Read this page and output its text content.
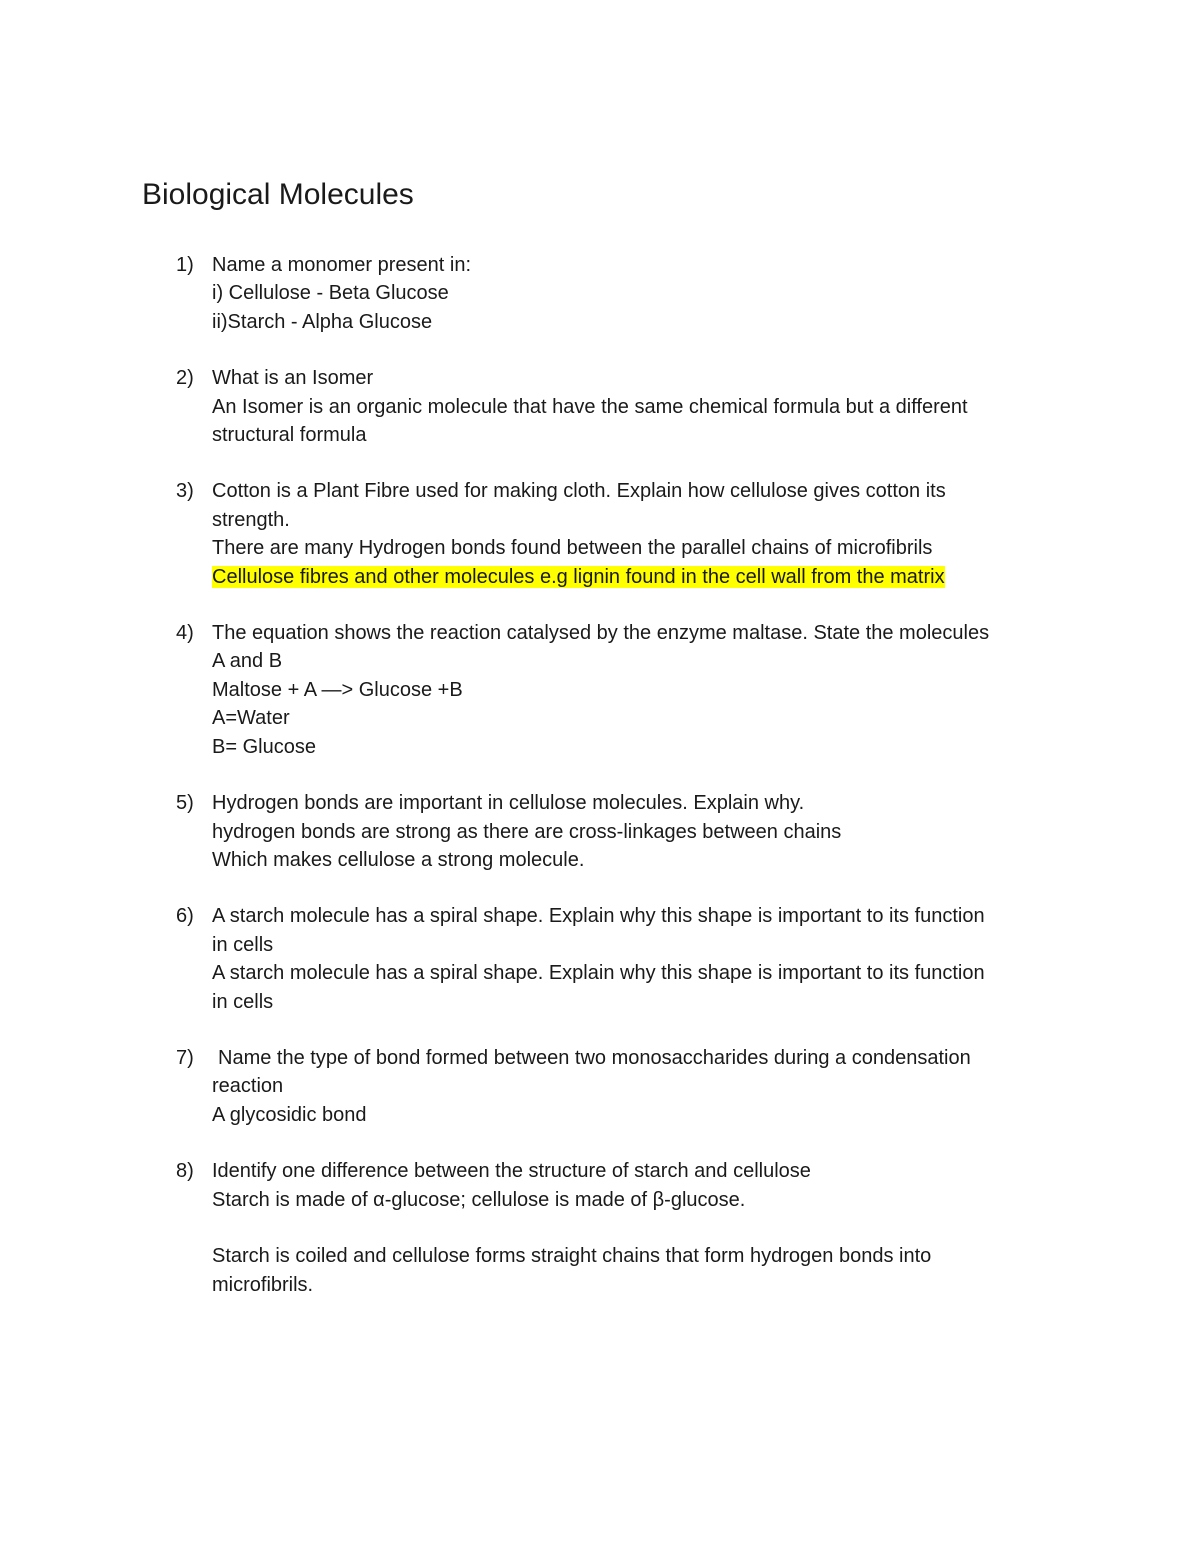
Biological Molecules
1) Name a monomer present in:
i) Cellulose - Beta Glucose
ii)Starch - Alpha Glucose
2) What is an Isomer
An Isomer is an organic molecule that have the same chemical formula but a different
structural formula
3) Cotton is a Plant Fibre used for making cloth. Explain how cellulose gives cotton its
strength.
There are many Hydrogen bonds found between the parallel chains of microfibrils
Cellulose fibres and other molecules e.g lignin found in the cell wall from the matrix
4) The equation shows the reaction catalysed by the enzyme maltase. State the molecules
A and B
Maltose + A —> Glucose +B
A=Water
B= Glucose
5) Hydrogen bonds are important in cellulose molecules. Explain why.
hydrogen bonds are strong as there are cross-linkages between chains
Which makes cellulose a strong molecule.
6) A starch molecule has a spiral shape. Explain why this shape is important to its function
in cells
A starch molecule has a spiral shape. Explain why this shape is important to its function
in cells
7)	Name the type of bond formed between two monosaccharides during a condensation
reaction
A glycosidic bond
8) Identify one difference between the structure of starch and cellulose
Starch is made of α-glucose; cellulose is made of β-glucose.
Starch is coiled and cellulose forms straight chains that form hydrogen bonds into
microfibrils.
